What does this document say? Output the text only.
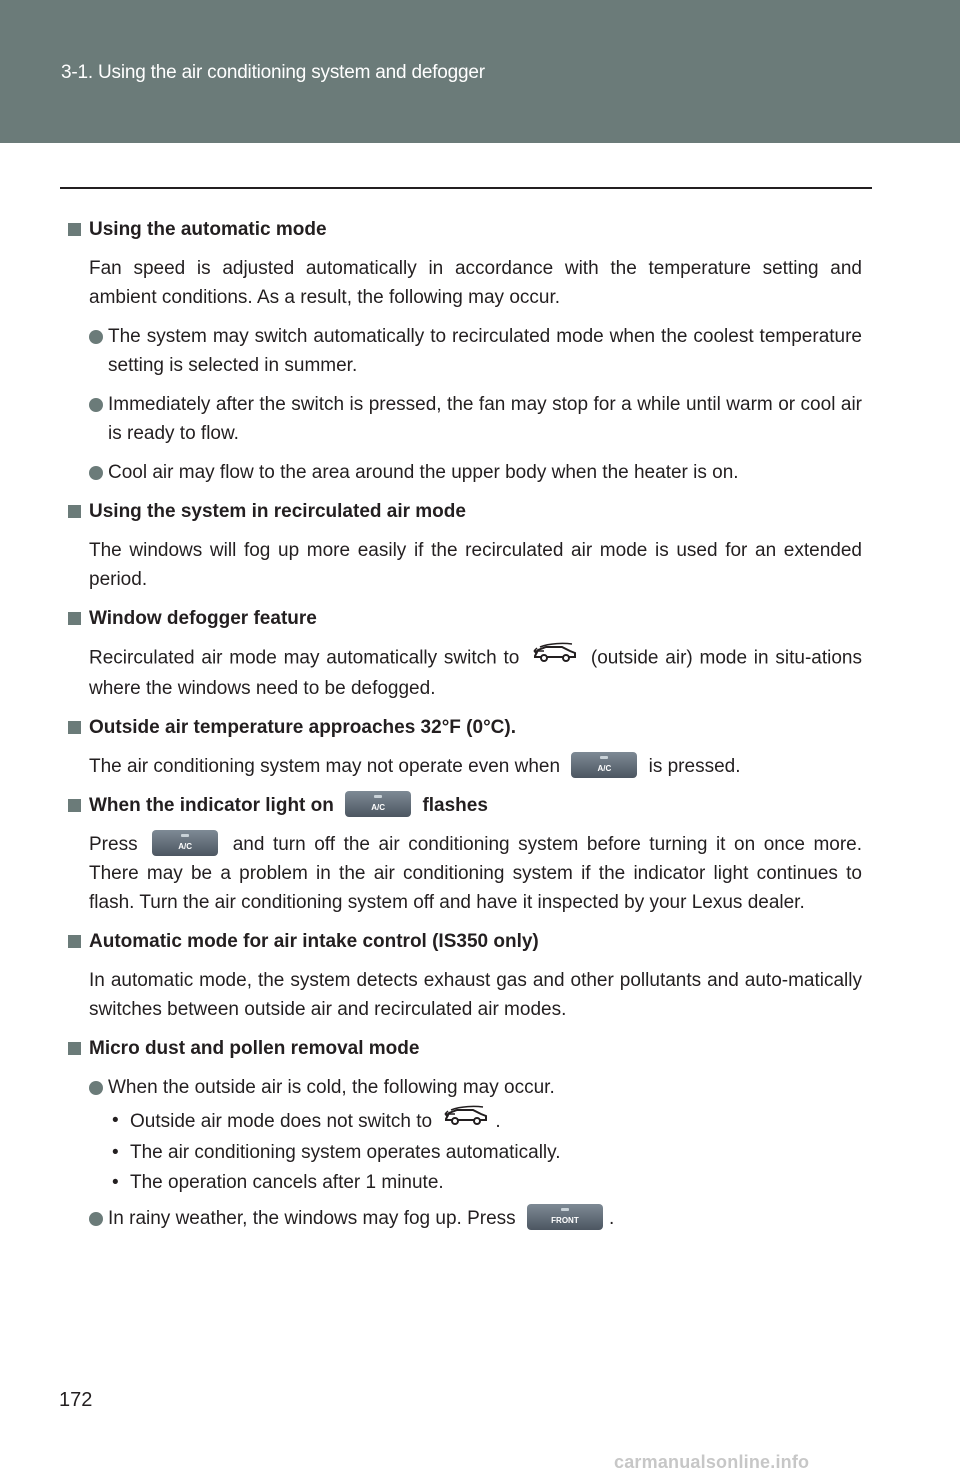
3-1. Using the air conditioning system and defogger
Using the automatic mode
Fan speed is adjusted automatically in accordance with the temperature setting and ambient conditions. As a result, the following may occur.
The system may switch automatically to recirculated mode when the coolest temperature setting is selected in summer.
Immediately after the switch is pressed, the fan may stop for a while until warm or cool air is ready to flow.
Cool air may flow to the area around the upper body when the heater is on.
Using the system in recirculated air mode
The windows will fog up more easily if the recirculated air mode is used for an extended period.
Window defogger feature
Recirculated air mode may automatically switch to	(outside air) mode in situ-ations where the windows need to be defogged.
Outside air temperature approaches 32°F (0°C).
The air conditioning system may not operate even when	A/C	is pressed.
When the indicator light on	A/C	flashes
Press	A/C	and turn off the air conditioning system before turning it on once more. There may be a problem in the air conditioning system if the indicator light continues to flash. Turn the air conditioning system off and have it inspected by your Lexus dealer.
Automatic mode for air intake control (IS350 only)
In automatic mode, the system detects exhaust gas and other pollutants and auto-matically switches between outside air and recirculated air modes.
Micro dust and pollen removal mode
When the outside air is cold, the following may occur.
• Outside air mode does not switch to	.
• The air conditioning system operates automatically.
• The operation cancels after 1 minute.
In rainy weather, the windows may fog up. Press	FRONT	.
172
carmanualsonline.info
